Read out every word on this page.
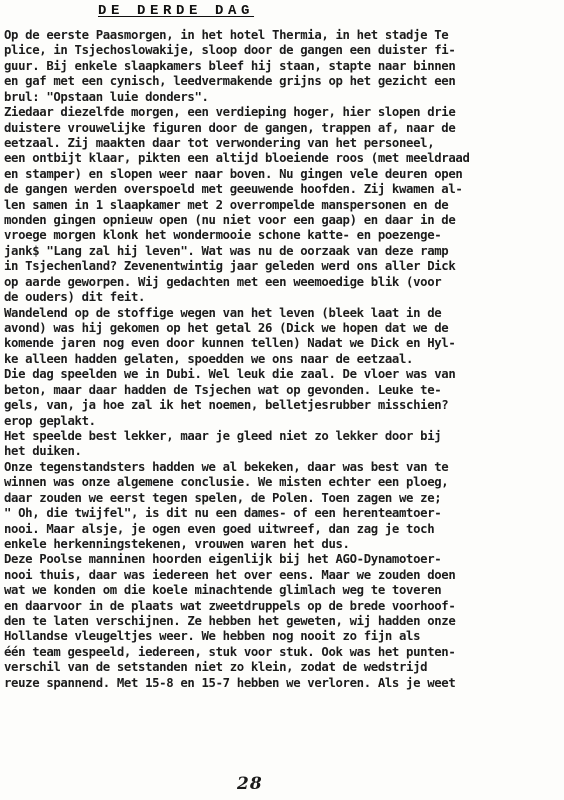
DE DERDE DAG
Op de eerste Paasmorgen, in het hotel Thermia, in het stadje Te
plice, in Tsjechoslowakije, sloop door de gangen een duister fi-
guur. Bij enkele slaapkamers bleef hij staan, stapte naar binnen
en gaf met een cynisch, leedvermakende grijns op het gezicht een
brul: "Opstaan luie donders".
Ziedaar diezelfde morgen, een verdieping hoger, hier slopen drie
duistere vrouwelijke figuren door de gangen, trappen af, naar de
eetzaal. Zij maakten daar tot verwondering van het personeel,
een ontbijt klaar, pikten een altijd bloeiende roos (met meeldraad
en stamper) en slopen weer naar boven. Nu gingen vele deuren open
de gangen werden overspoeld met geeuwende hoofden. Zij kwamen al-
len samen in 1 slaapkamer met 2 overrompelde manspersonen en de
monden gingen opnieuw open (nu niet voor een gaap) en daar in de
vroege morgen klonk het wondermooie schone katte- en poezenge-
jank$ "Lang zal hij leven". Wat was nu de oorzaak van deze ramp
in Tsjechenland? Zevenentwintig jaar geleden werd ons aller Dick
op aarde geworpen. Wij gedachten met een weemoedige blik (voor
de ouders) dit feit.
Wandelend op de stoffige wegen van het leven (bleek laat in de
avond) was hij gekomen op het getal 26 (Dick we hopen dat we de
komende jaren nog even door kunnen tellen) Nadat we Dick en Hyl-
ke alleen hadden gelaten, spoedden we ons naar de eetzaal.
Die dag speelden we in Dubi. Wel leuk die zaal. De vloer was van
beton, maar daar hadden de Tsjechen wat op gevonden. Leuke te-
gels, van, ja hoe zal ik het noemen, belletjesrubber misschien?
erop geplakt.
Het speelde best lekker, maar je gleed niet zo lekker door bij
het duiken.
Onze tegenstandsters hadden we al bekeken, daar was best van te
winnen was onze algemene conclusie. We misten echter een ploeg,
daar zouden we eerst tegen spelen, de Polen. Toen zagen we ze;
" Oh, die twijfel", is dit nu een dames- of een herenteamtoer-
nooi. Maar alsje, je ogen even goed uitwreef, dan zag je toch
enkele herkenningstekenen, vrouwen waren het dus.
Deze Poolse manninen hoorden eigenlijk bij het AGO-Dynamotoer-
nooi thuis, daar was iedereen het over eens. Maar we zouden doen
wat we konden om die koele minachtende glimlach weg te toveren
en daarvoor in de plaats wat zweetdruppels op de brede voorhoof-
den te laten verschijnen. Ze hebben het geweten, wij hadden onze
Hollandse vleugeltjes weer. We hebben nog nooit zo fijn als
één team gespeeld, iedereen, stuk voor stuk. Ook was het punten-
verschil van de setstanden niet zo klein, zodat de wedstrijd
reuze spannend. Met 15-8 en 15-7 hebben we verloren. Als je weet
28
